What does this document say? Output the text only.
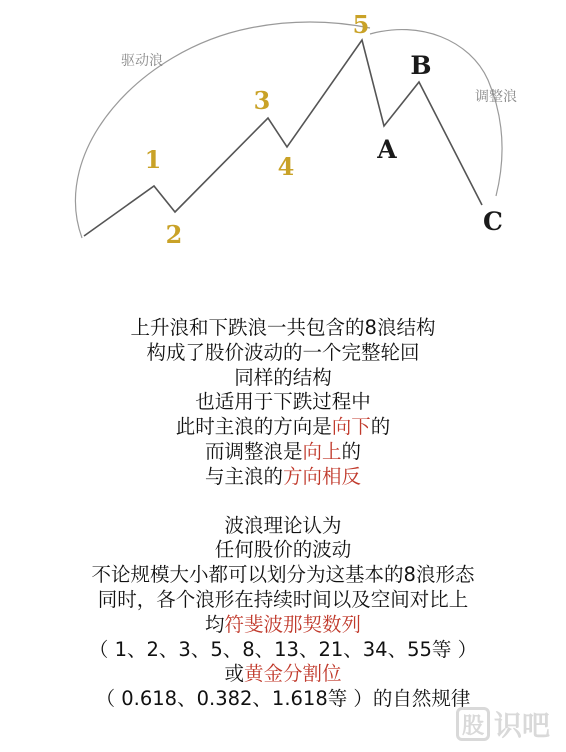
驱动浪
调整浪
1
2
3
4
5
A
B
C
上升浪和下跌浪一共包含的8浪结构
构成了股价波动的一个完整轮回
同样的结构
也适用于下跌过程中
此时主浪的方向是向下的
而调整浪是向上的
与主浪的方向相反
波浪理论认为
任何股价的波动
不论规模大小都可以划分为这基本的8浪形态
同时，各个浪形在持续时间以及空间对比上
均符斐波那契数列
（ 1、2、3、5、8、13、21、34、55等 ）
或黄金分割位
（ 0.618、0.382、1.618等 ）的自然规律
股 识吧
